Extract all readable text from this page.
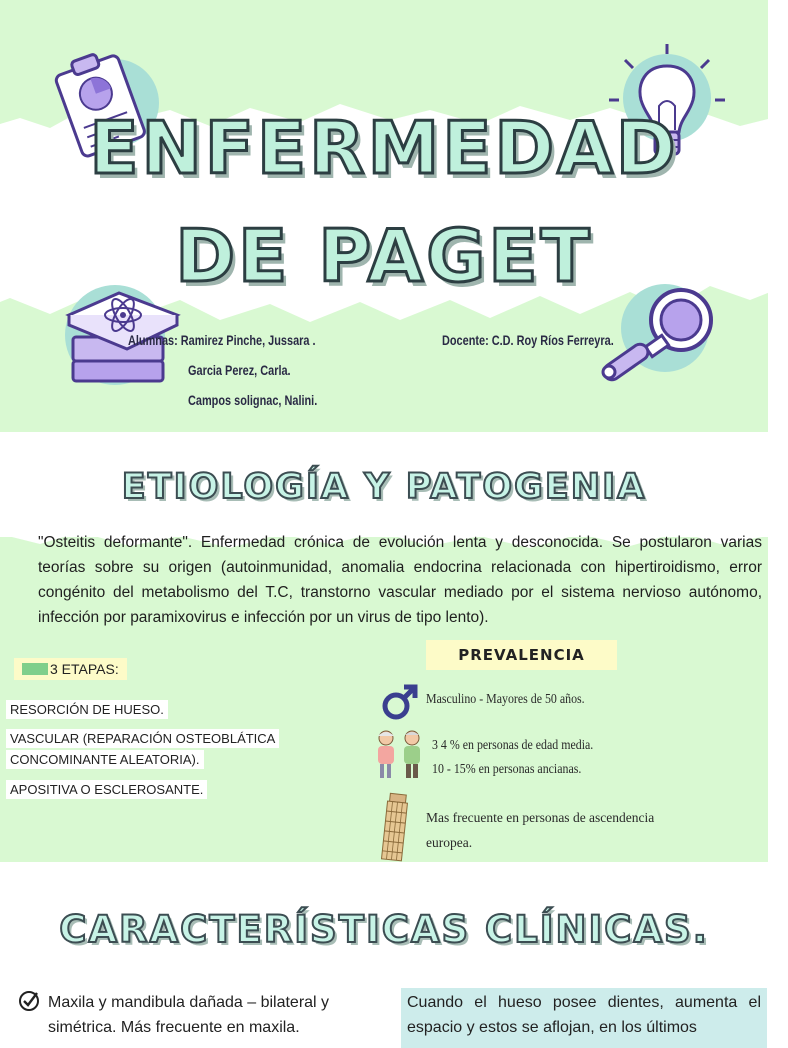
ENFERMEDAD
DE PAGET
Alumnas: Ramirez Pinche, Jussara .
Garcia Perez, Carla.
Campos solignac, Nalini.
Docente: C.D. Roy Ríos Ferreyra.
ETIOLOGÍA Y PATOGENIA
"Osteitis deformante". Enfermedad crónica de evolución lenta y desconocida. Se postularon varias teorías sobre su origen (autoinmunidad, anomalia endocrina relacionada con hipertiroidismo, error congénito del metabolismo del T.C, transtorno vascular mediado por el sistema nervioso autónomo, infección por paramixovirus e infección por un virus de tipo lento).
3 ETAPAS:
RESORCIÓN DE HUESO.
VASCULAR (REPARACIÓN OSTEOBLÁTICA
CONCOMINANTE ALEATORIA).
APOSITIVA O ESCLEROSANTE.
PREVALENCIA
Masculino - Mayores de 50 años.
3 4 % en personas de edad media.
10 - 15% en personas ancianas.
Mas frecuente en personas de ascendencia
europea.
CARACTERÍSTICAS CLÍNICAS.
Maxila y mandibula dañada – bilateral y simétrica. Más frecuente en maxila.
Cuando el hueso posee dientes, aumenta el espacio y estos se aflojan, en los últimos
